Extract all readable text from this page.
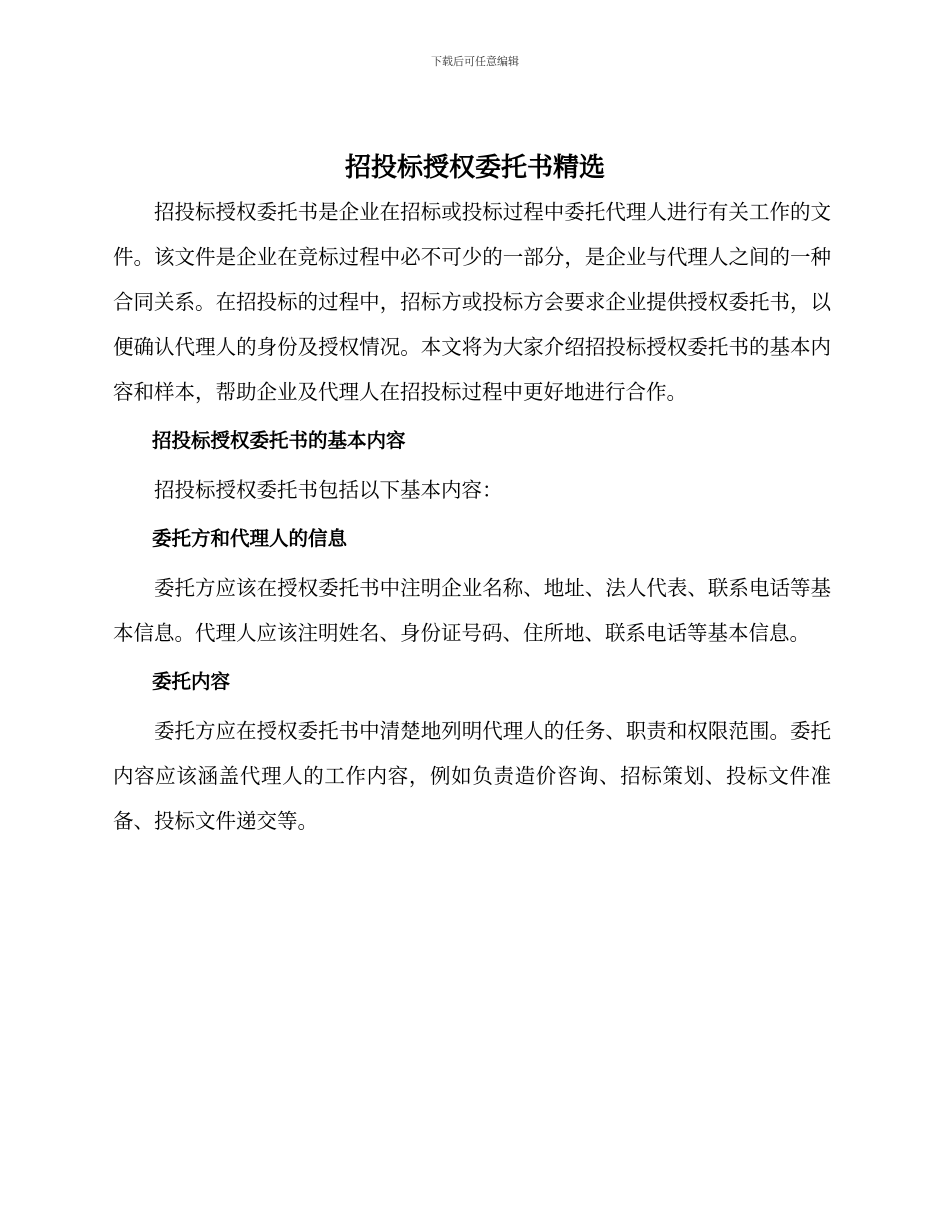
下载后可任意编辑
招投标授权委托书精选

招投标授权委托书是企业在招标或投标过程中委托代理人进行有关工作的文件。该文件是企业在竞标过程中必不可少的一部分，是企业与代理人之间的一种合同关系。在招投标的过程中，招标方或投标方会要求企业提供授权委托书，以便确认代理人的身份及授权情况。本文将为大家介绍招投标授权委托书的基本内容和样本，帮助企业及代理人在招投标过程中更好地进行合作。

招投标授权委托书的基本内容

招投标授权委托书包括以下基本内容：

委托方和代理人的信息

委托方应该在授权委托书中注明企业名称、地址、法人代表、联系电话等基本信息。代理人应该注明姓名、身份证号码、住所地、联系电话等基本信息。

委托内容

委托方应在授权委托书中清楚地列明代理人的任务、职责和权限范围。委托内容应该涵盖代理人的工作内容，例如负责造价咨询、招标策划、投标文件准备、投标文件递交等。
